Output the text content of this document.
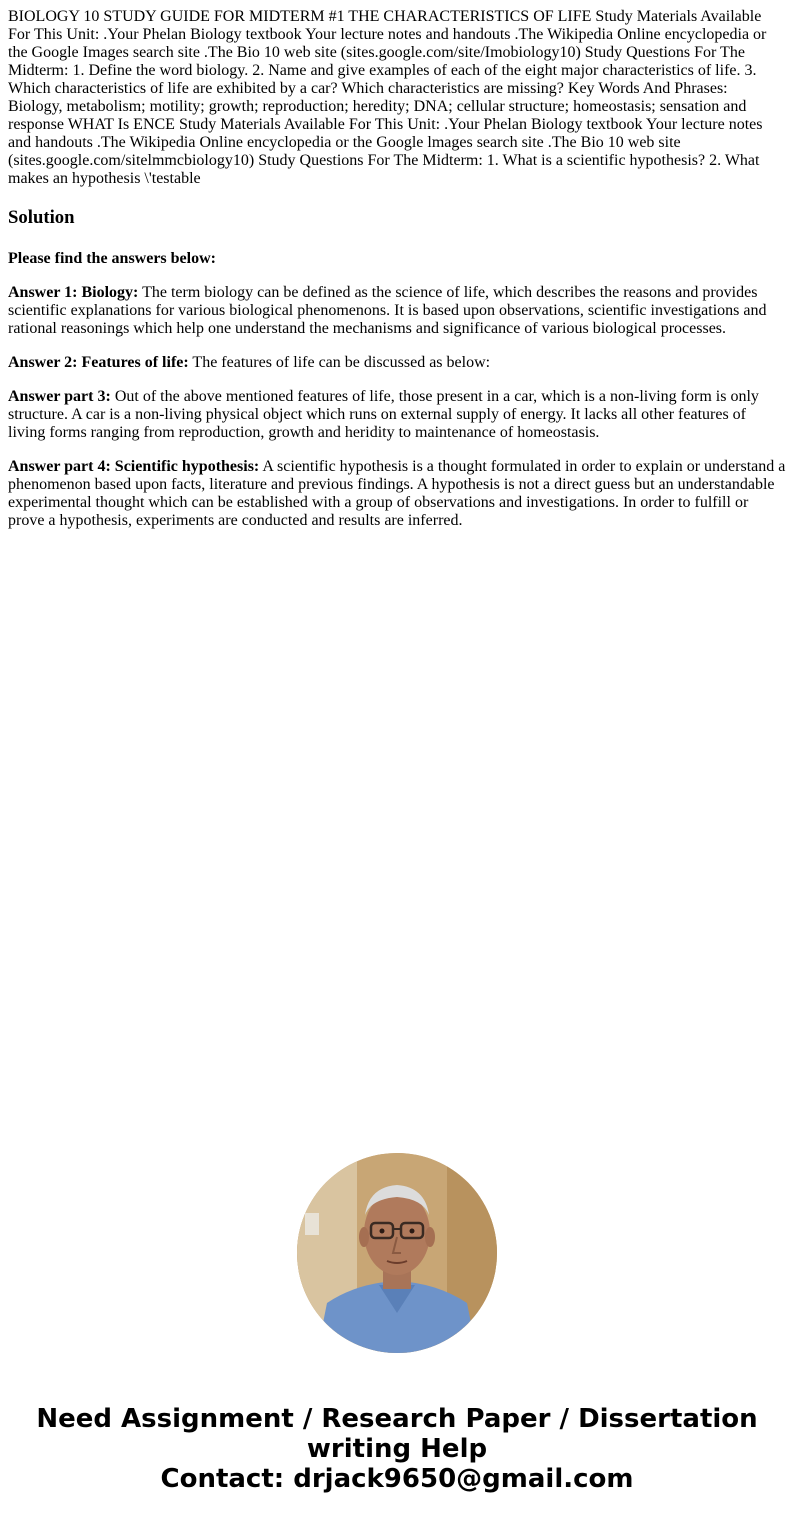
BIOLOGY 10 STUDY GUIDE FOR MIDTERM #1 THE CHARACTERISTICS OF LIFE Study Materials Available For This Unit: .Your Phelan Biology textbook Your lecture notes and handouts .The Wikipedia Online encyclopedia or the Google Images search site .The Bio 10 web site (sites.google.com/site/Imobiology10) Study Questions For The Midterm: 1. Define the word biology. 2. Name and give examples of each of the eight major characteristics of life. 3. Which characteristics of life are exhibited by a car? Which characteristics are missing? Key Words And Phrases: Biology, metabolism; motility; growth; reproduction; heredity; DNA; cellular structure; homeostasis; sensation and response WHAT Is ENCE Study Materials Available For This Unit: .Your Phelan Biology textbook Your lecture notes and handouts .The Wikipedia Online encyclopedia or the Google lmages search site .The Bio 10 web site (sites.google.com/sitelmmcbiology10) Study Questions For The Midterm: 1. What is a scientific hypothesis? 2. What makes an hypothesis \'testable
Solution
Please find the answers below:

Answer 1: Biology: The term biology can be defined as the science of life, which describes the reasons and provides scientific explanations for various biological phenomenons. It is based upon observations, scientific investigations and rational reasonings which help one understand the mechanisms and significance of various biological processes.

Answer 2: Features of life: The features of life can be discussed as below:

Answer part 3: Out of the above mentioned features of life, those present in a car, which is a non-living form is only structure. A car is a non-living physical object which runs on external supply of energy. It lacks all other features of living forms ranging from reproduction, growth and heridity to maintenance of homeostasis.

Answer part 4: Scientific hypothesis: A scientific hypothesis is a thought formulated in order to explain or understand a phenomenon based upon facts, literature and previous findings. A hypothesis is not a direct guess but an understandable experimental thought which can be established with a group of observations and investigations. In order to fulfill or prove a hypothesis, experiments are conducted and results are inferred.

Need Assignment / Research Paper / Dissertation
writing Help
Contact: drjack9650@gmail.com
